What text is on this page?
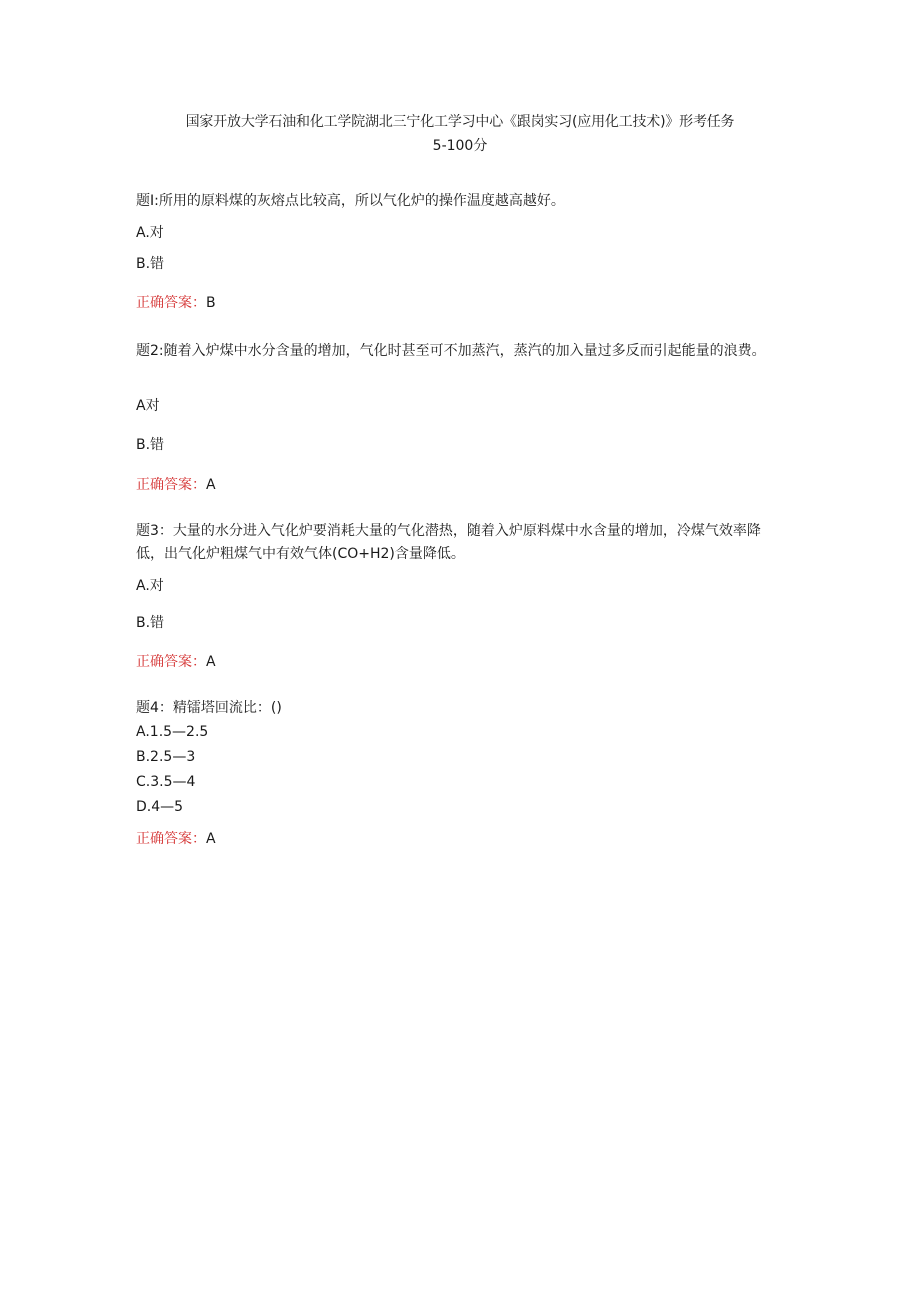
国家开放大学石油和化工学院湖北三宁化工学习中心《跟岗实习(应用化工技术)》形考任务
5-100分
题I:所用的原料煤的灰熔点比较高，所以气化炉的操作温度越高越好。
A.对
B.错
正确答案：B
题2:随着入炉煤中水分含量的增加，气化时甚至可不加蒸汽，蒸汽的加入量过多反而引起能量的浪费。
A对
B.错
正确答案：A
题3：大量的水分进入气化炉要消耗大量的气化潜热，随着入炉原料煤中水含量的增加，冷煤气效率降低，出气化炉粗煤气中有效气体(CO+H2)含量降低。
A.对
B.错
正确答案：A
题4：精镭塔回流比：()
A.1.5—2.5
B.2.5—3
C.3.5—4
D.4—5
正确答案：A
